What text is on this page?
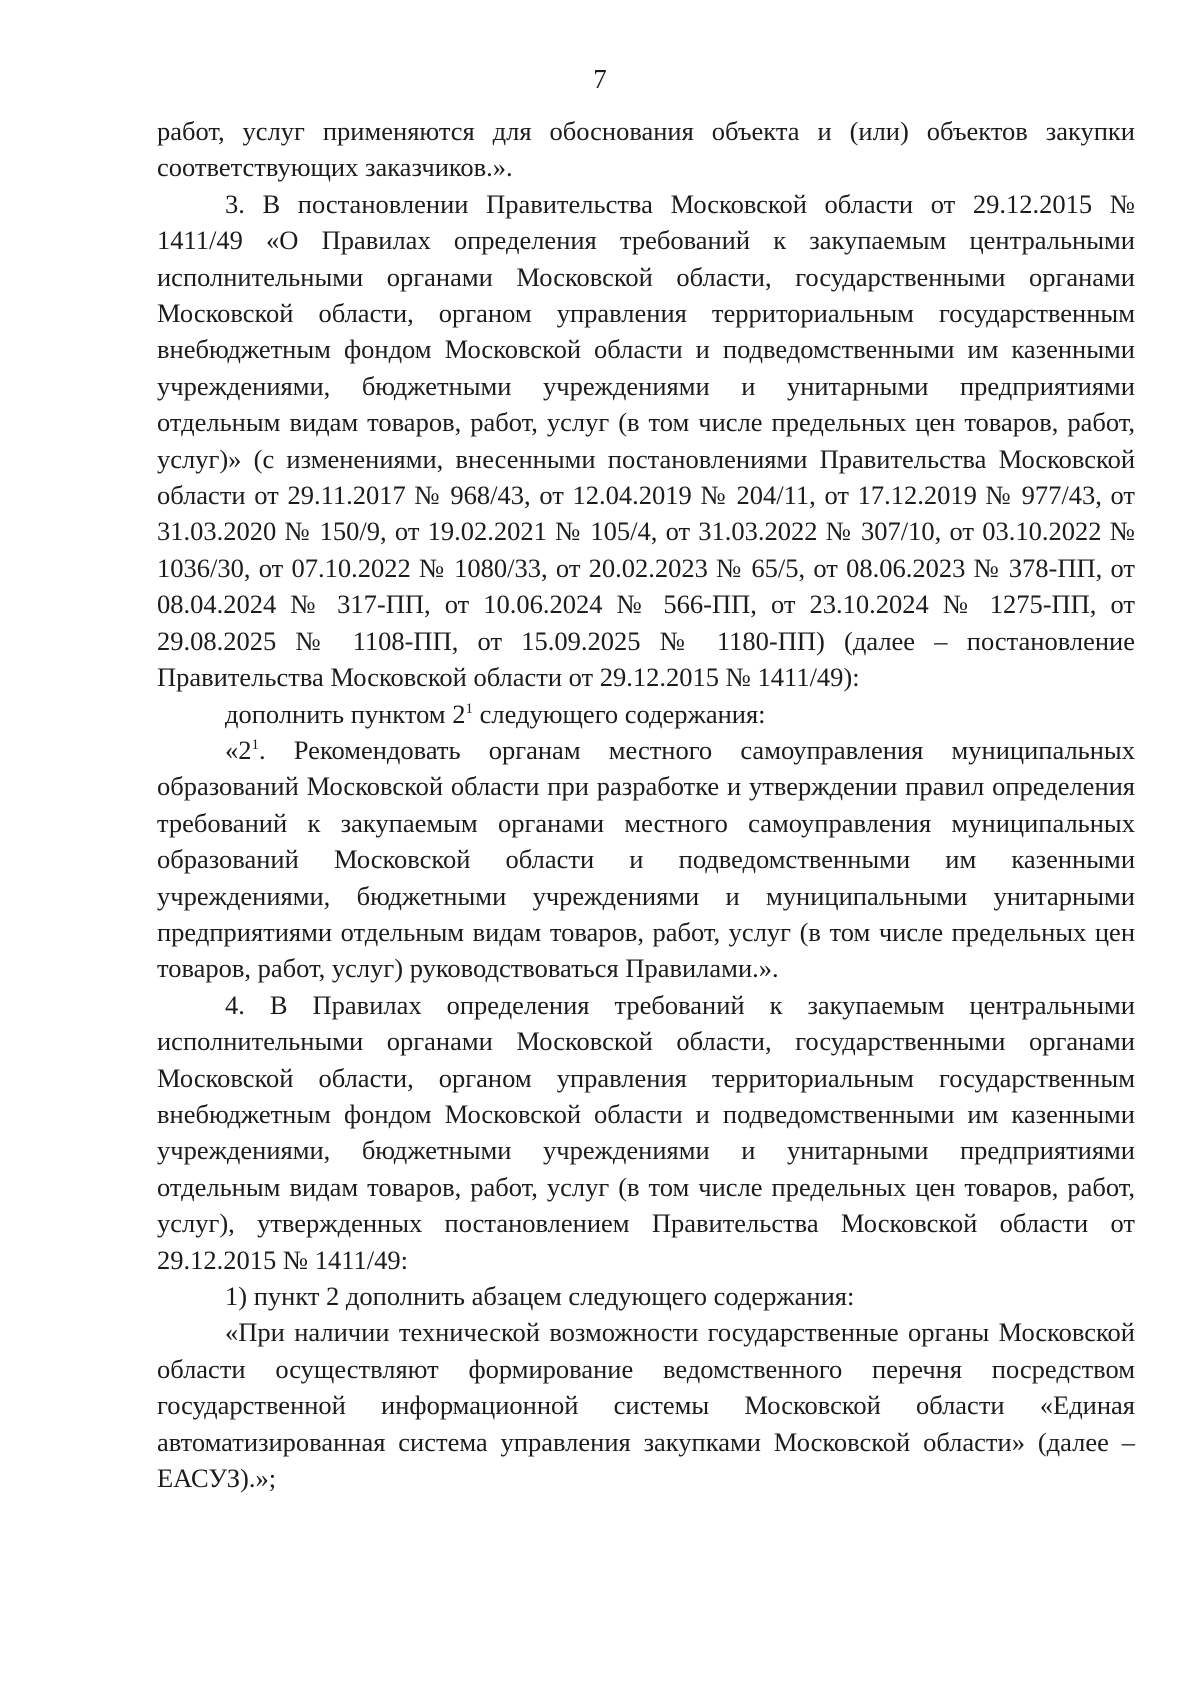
7

работ, услуг применяются для обоснования объекта и (или) объектов закупки соответствующих заказчиков.».

3. В постановлении Правительства Московской области от 29.12.2015 № 1411/49 «О Правилах определения требований к закупаемым центральными исполнительными органами Московской области, государственными органами Московской области, органом управления территориальным государственным внебюджетным фондом Московской области и подведомственными им казенными учреждениями, бюджетными учреждениями и унитарными предприятиями отдельным видам товаров, работ, услуг (в том числе предельных цен товаров, работ, услуг)» (с изменениями, внесенными постановлениями Правительства Московской области от 29.11.2017 № 968/43, от 12.04.2019 № 204/11, от 17.12.2019 № 977/43, от 31.03.2020 № 150/9, от 19.02.2021 № 105/4, от 31.03.2022 № 307/10, от 03.10.2022 № 1036/30, от 07.10.2022 № 1080/33, от 20.02.2023 № 65/5, от 08.06.2023 № 378-ПП, от 08.04.2024 № 317-ПП, от 10.06.2024 № 566-ПП, от 23.10.2024 № 1275-ПП, от 29.08.2025 № 1108-ПП, от 15.09.2025 № 1180-ПП) (далее – постановление Правительства Московской области от 29.12.2015 № 1411/49):

дополнить пунктом $2^1$ следующего содержания:

«$2^1$. Рекомендовать органам местного самоуправления муниципальных образований Московской области при разработке и утверждении правил определения требований к закупаемым органами местного самоуправления муниципальных образований Московской области и подведомственными им казенными учреждениями, бюджетными учреждениями и муниципальными унитарными предприятиями отдельным видам товаров, работ, услуг (в том числе предельных цен товаров, работ, услуг) руководствоваться Правилами.».

4. В Правилах определения требований к закупаемым центральными исполнительными органами Московской области, государственными органами Московской области, органом управления территориальным государственным внебюджетным фондом Московской области и подведомственными им казенными учреждениями, бюджетными учреждениями и унитарными предприятиями отдельным видам товаров, работ, услуг (в том числе предельных цен товаров, работ, услуг), утвержденных постановлением Правительства Московской области от 29.12.2015 № 1411/49:

1) пункт 2 дополнить абзацем следующего содержания:

«При наличии технической возможности государственные органы Московской области осуществляют формирование ведомственного перечня посредством государственной информационной системы Московской области «Единая автоматизированная система управления закупками Московской области» (далее – ЕАСУЗ).»;
